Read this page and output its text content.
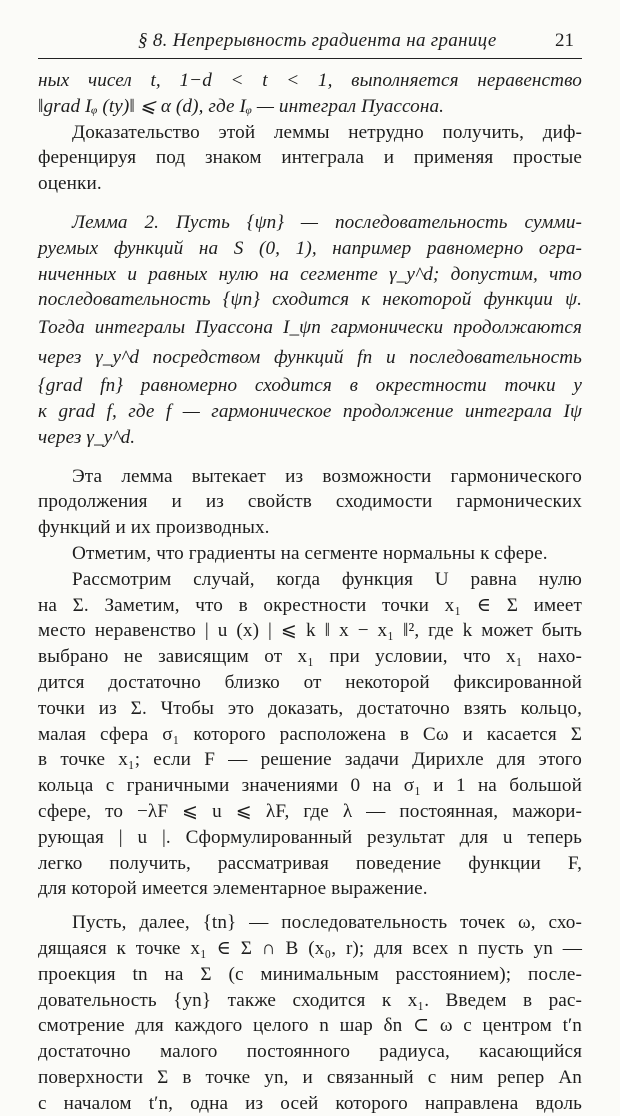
§ 8. Непрерывность градиента на границе	21
ных чисел t, 1−d < t < 1, выполняется неравенство
‖grad Iᵩ (ty)‖ ⩽ α (d), где Iᵩ — интеграл Пуассона.
Доказательство этой леммы нетрудно получить, диф-
ференцируя под знаком интеграла и применяя простые
оценки.
Лемма 2. Пусть {ψn} — последовательность сумми-
руемых функций на S (0, 1), например равномерно огра-
ниченных и равных нулю на сегменте γ_y^d; допустим, что
последовательность {ψn} сходится к некоторой функции ψ.
Тогда интегралы Пуассона I_ψn гармонически продолжаются
через γ_y^d посредством функций fn и последовательность
{grad fn} равномерно сходится в окрестности точки y
к grad f, где f — гармоническое продолжение интеграла Iψ
через γ_y^d.
Эта лемма вытекает из возможности гармонического
продолжения и из свойств сходимости гармонических
функций и их производных.
Отметим, что градиенты на сегменте нормальны к сфере.
Рассмотрим случай, когда функция U равна нулю
на Σ. Заметим, что в окрестности точки x₁ ∈ Σ имеет
место неравенство | u (x) | ⩽ k ‖ x − x₁ ‖², где k может быть
выбрано не зависящим от x₁ при условии, что x₁ нахо-
дится достаточно близко от некоторой фиксированной
точки из Σ. Чтобы это доказать, достаточно взять кольцо,
малая сфера σ₁ которого расположена в Cω и касается Σ
в точке x₁; если F — решение задачи Дирихле для этого
кольца с граничными значениями 0 на σ₁ и 1 на большой
сфере, то −λF ⩽ u ⩽ λF, где λ — постоянная, мажори-
рующая | u |. Сформулированный результат для u теперь
легко получить, рассматривая поведение функции F,
для которой имеется элементарное выражение.
Пусть, далее, {tn} — последовательность точек ω, схо-
дящаяся к точке x₁ ∈ Σ ∩ B (x₀, r); для всех n пусть yn —
проекция tn на Σ (с минимальным расстоянием); после-
довательность {yn} также сходится к x₁. Введем в рас-
смотрение для каждого целого n шар δn ⊂ ω с центром t′n
достаточно малого постоянного радиуса, касающийся
поверхности Σ в точке yn, и связанный с ним репер An
с началом t′n, одна из осей которого направлена вдоль
